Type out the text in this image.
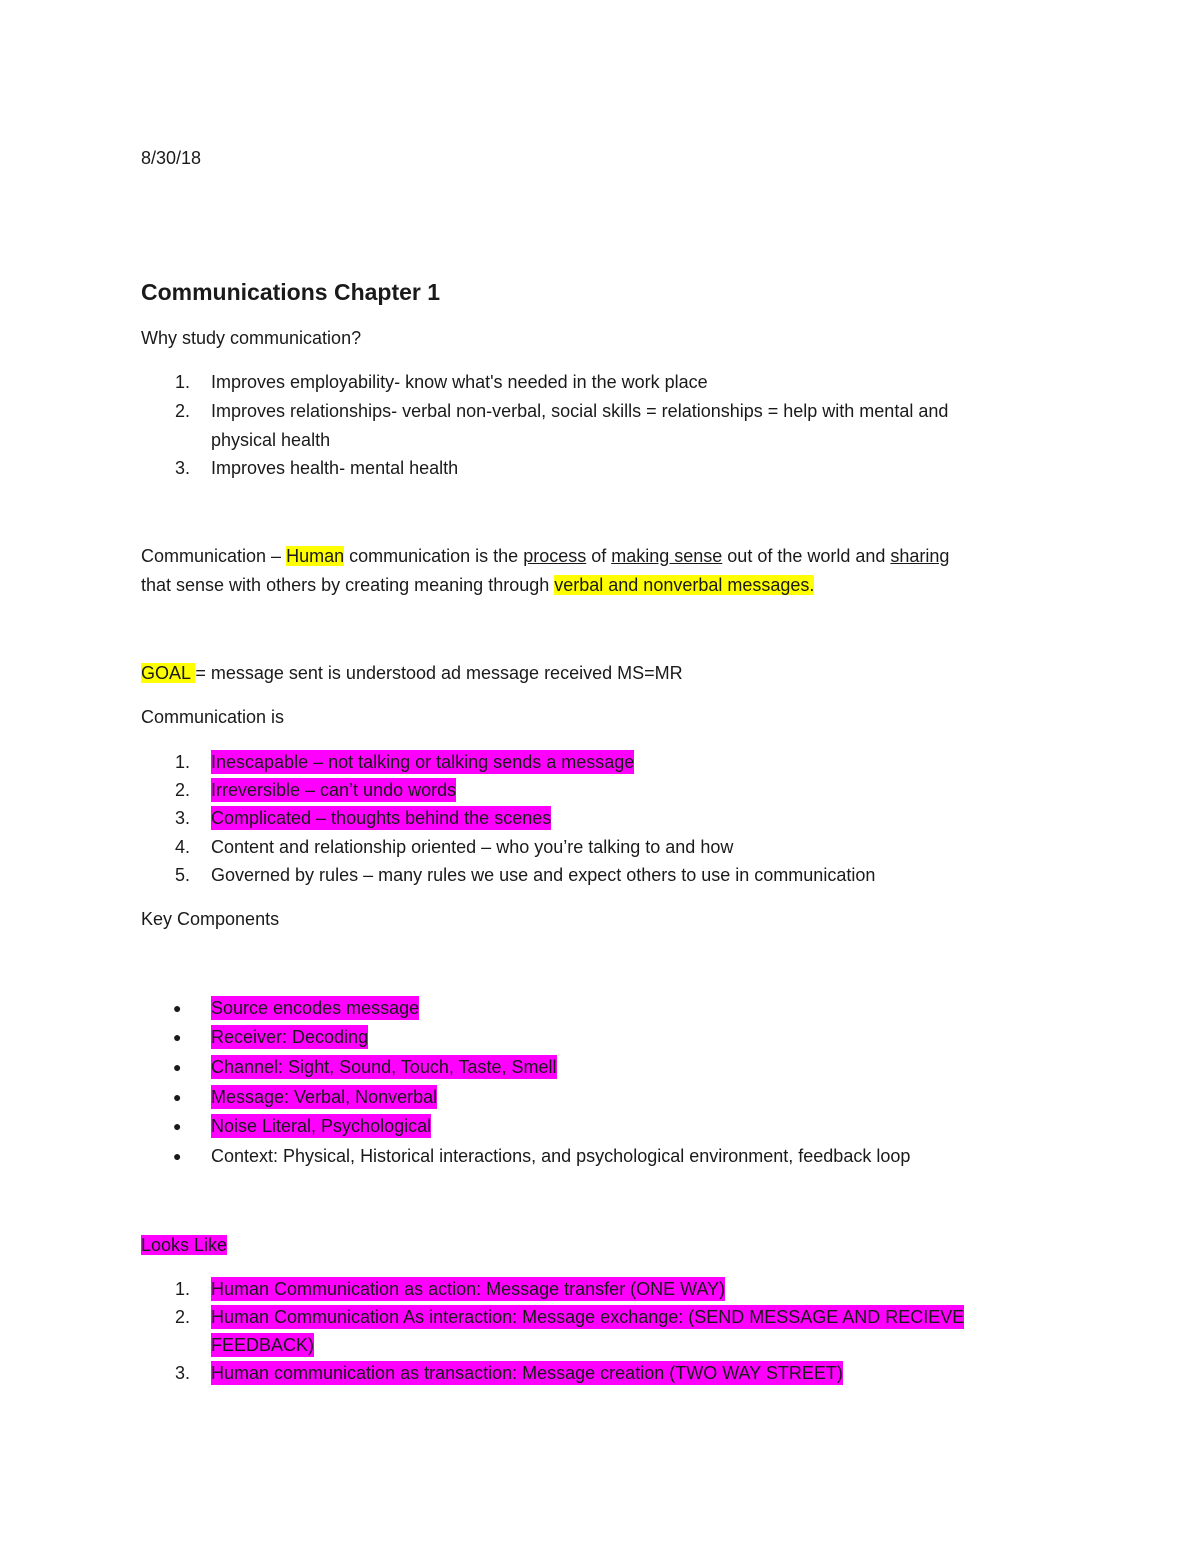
8/30/18
Communications Chapter 1
Why study communication?
1.	Improves employability- know what's needed in the work place
2.	Improves relationships- verbal non-verbal, social skills = relationships = help with mental and
physical health
3.	Improves health- mental health
Communication – Human communication is the process of making sense out of the world and sharing
that sense with others by creating meaning through verbal and nonverbal messages.
GOAL = message sent is understood ad message received MS=MR
Communication is
1.	Inescapable – not talking or talking sends a message
2.	Irreversible – can’t undo words
3.	Complicated – thoughts behind the scenes
4.	Content and relationship oriented – who you’re talking to and how
5.	Governed by rules – many rules we use and expect others to use in communication
Key Components
● Source encodes message
● Receiver: Decoding
● Channel: Sight, Sound, Touch, Taste, Smell
● Message: Verbal, Nonverbal
● Noise Literal, Psychological
● Context: Physical, Historical interactions, and psychological environment, feedback loop
Looks Like
1.	Human Communication as action: Message transfer (ONE WAY)
2.	Human Communication As interaction: Message exchange: (SEND MESSAGE AND RECIEVE
FEEDBACK)
3.	Human communication as transaction: Message creation (TWO WAY STREET)
